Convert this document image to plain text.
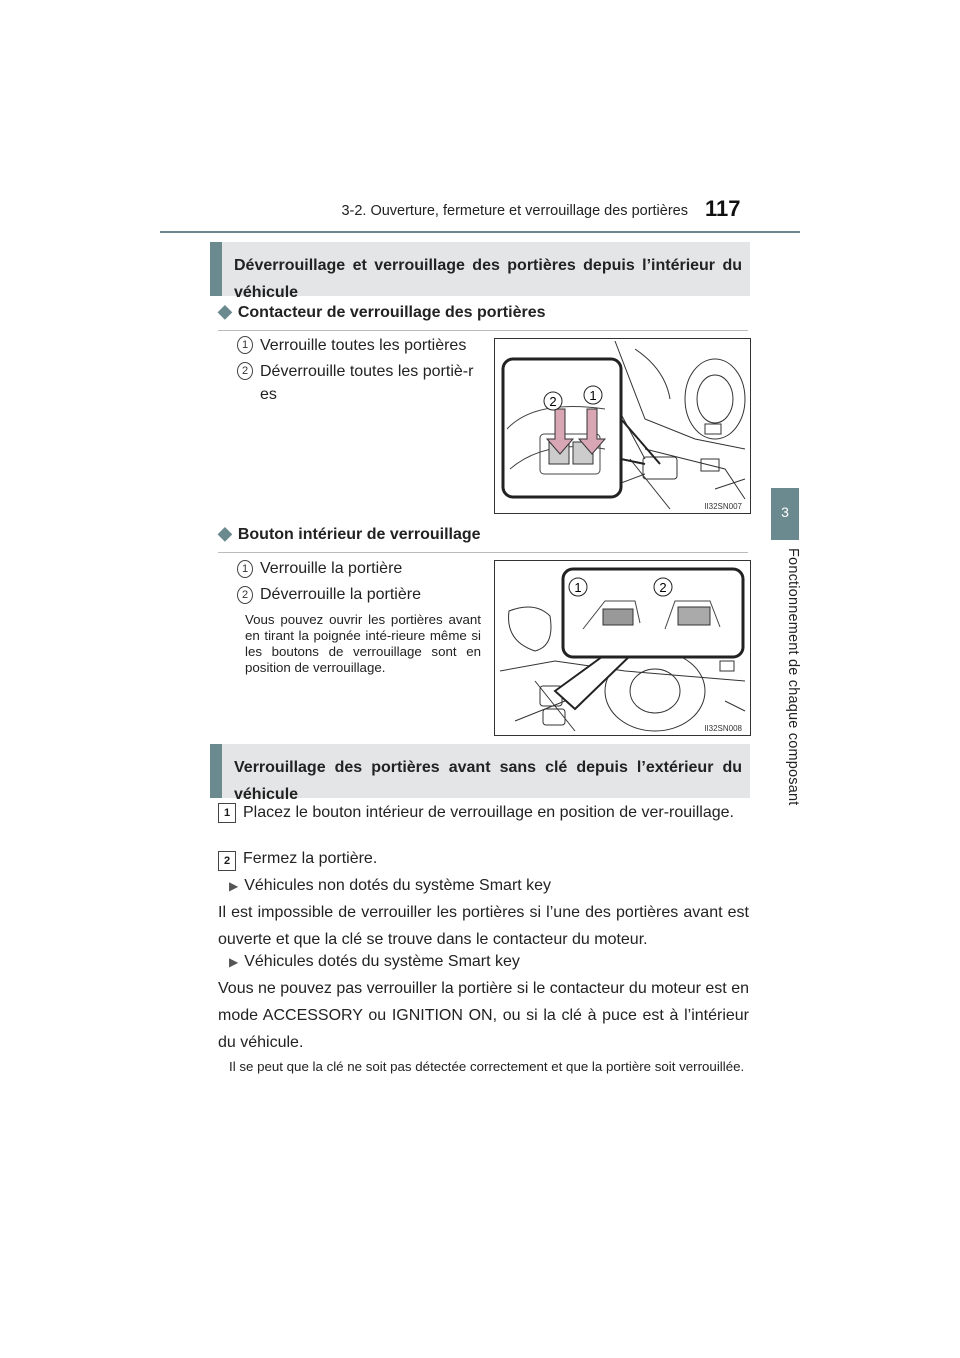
3-2. Ouverture, fermeture et verrouillage des portières 117
3
Fonctionnement de chaque composant
Déverrouillage et verrouillage des portières depuis l’intérieur du véhicule
◆ Contacteur de verrouillage des portières
1 Verrouille toutes les portières
2 Déverrouille toutes les portiè-res	2	1
II32SN007
◆ Bouton intérieur de verrouillage
1 Verrouille la portière
2 Déverrouille la portière
Vous pouvez ouvrir les portières avant en tirant la poignée inté-rieure même si les boutons de verrouillage sont en position de verrouillage.
1	2
II32SN008
Verrouillage des portières avant sans clé depuis l’extérieur du véhicule
1 Placez le bouton intérieur de verrouillage en position de ver-rouillage.
2 Fermez la portière.
▶ Véhicules non dotés du système Smart key
Il est impossible de verrouiller les portières si l’une des portières avant est ouverte et que la clé se trouve dans le contacteur du moteur.
▶ Véhicules dotés du système Smart key
Vous ne pouvez pas verrouiller la portière si le contacteur du moteur est en mode ACCESSORY ou IGNITION ON, ou si la clé à puce est à l’intérieur du véhicule.
Il se peut que la clé ne soit pas détectée correctement et que la portière soit verrouillée.
